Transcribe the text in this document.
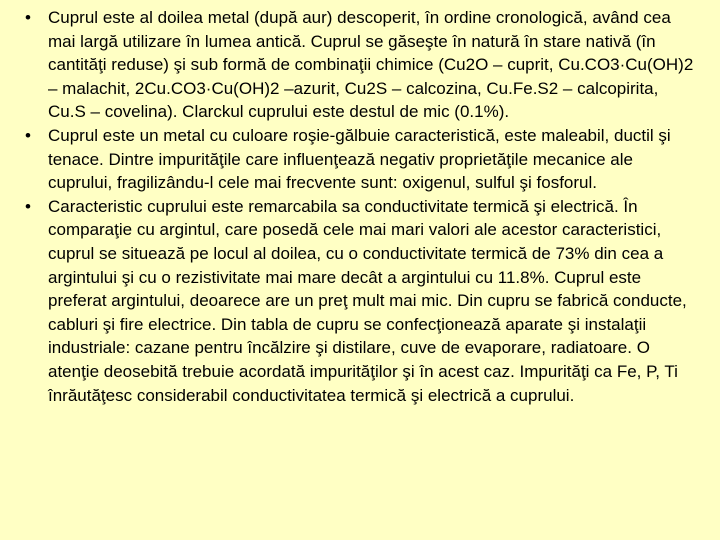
•	Cuprul este al doilea metal (după aur) descoperit, în ordine cronologică, având cea mai largă utilizare în lumea antică. Cuprul se găseşte în natură în stare nativă (în cantităţi reduse) şi sub formă de combinaţii chimice (Cu2O – cuprit, Cu.CO3·Cu(OH)2 – malachit, 2Cu.CO3·Cu(OH)2 –azurit, Cu2S – calcozina, Cu.Fe.S2 – calcopirita, Cu.S – covelina). Clarckul cuprului este destul de mic (0.1%).
•	Cuprul este un metal cu culoare roşie-gălbuie caracteristică, este maleabil, ductil şi tenace. Dintre impurităţile care influenţează negativ proprietăţile mecanice ale cuprului, fragilizându-l cele mai frecvente sunt: oxigenul, sulful şi fosforul.
•	Caracteristic cuprului este remarcabila sa conductivitate termică şi electrică. În comparaţie cu argintul, care posedă cele mai mari valori ale acestor caracteristici, cuprul se situează pe locul al doilea, cu o conductivitate termică de 73% din cea a argintului şi cu o rezistivitate mai mare decât a argintului cu 11.8%. Cuprul este preferat argintului, deoarece are un preţ mult mai mic. Din cupru se fabrică conducte, cabluri şi fire electrice. Din tabla de cupru se confecţionează aparate şi instalaţii industriale: cazane pentru încălzire şi distilare, cuve de evaporare, radiatoare. O atenţie deosebită trebuie acordată impurităţilor şi în acest caz. Impurităţi ca Fe, P, Ti înrăutăţesc considerabil conductivitatea termică şi electrică a cuprului.
